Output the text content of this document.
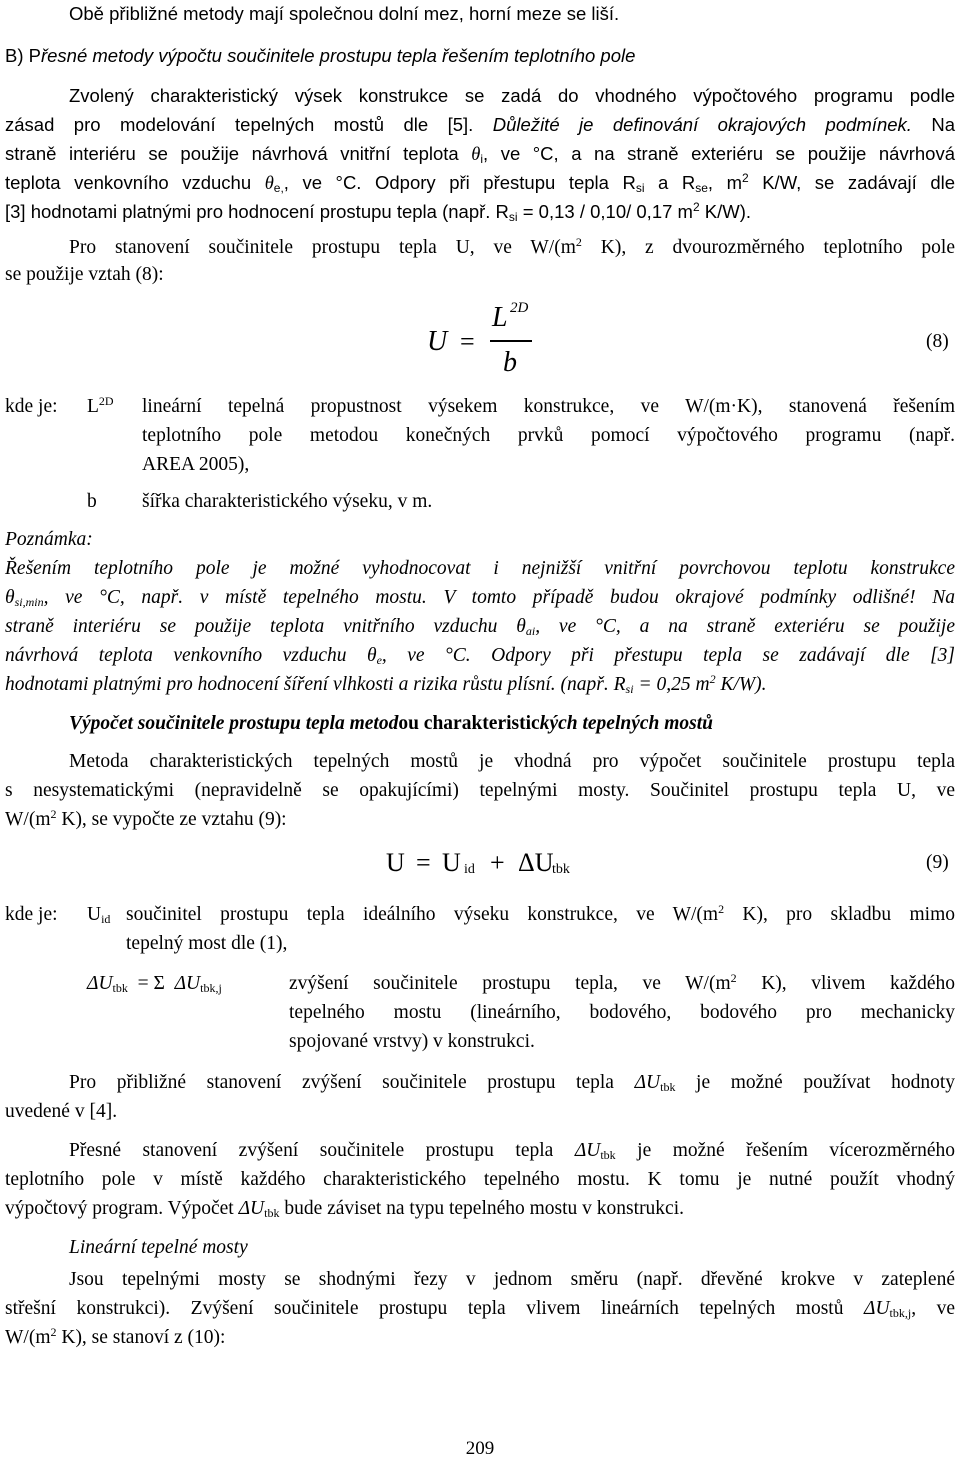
Obě přibližné metody mají společnou dolní mez, horní meze se liší.
B) Přesné metody výpočtu součinitele prostupu tepla řešením teplotního pole
Zvolený charakteristický výsek konstrukce se zadá do vhodného výpočtového programu podle
zásad pro modelování tepelných mostů dle [5]. Důležité je definování okrajových podmínek. Na
straně interiéru se použije návrhová vnitřní teplota $\theta_i$, ve °C, a na straně exteriéru se použije návrhová
teplota venkovního vzduchu $\theta_{e,}$, ve °C. Odpory při přestupu tepla $R_{si}$ a $R_{se}$, $m^2$ K/W, se zadávají dle
[3] hodnotami platnými pro hodnocení prostupu tepla (např. $R_{si} = 0,13 / 0,10/$ 0,17 $m^2$ K/W).
Pro stanovení součinitele prostupu tepla U, ve $W/(m^2$ K), z dvourozměrného teplotního pole
se použije vztah (8):
U =
L 2D
b
(8)
kde je: $L^{2D}$ lineární tepelná propustnost výsekem konstrukce, ve W/(m·K), stanovená řešením
teplotního pole metodou konečných prvků pomocí výpočtového programu (např.
AREA 2005),
b šířka charakteristického výseku, v m.
Poznámka:
Řešením teplotního pole je možné vyhodnocovat i nejnižší vnitřní povrchovou teplotu konstrukce
$\theta_{si,min}$, ve °C, např. v místě tepelného mostu. V tomto případě budou okrajové podmínky odlišné! Na
straně interiéru se použije teplota vnitřního vzduchu $\theta_{ai}$, ve °C, a na straně exteriéru se použije
návrhová teplota venkovního vzduchu $\theta_e$, ve °C. Odpory při přestupu tepla se zadávají dle [3]
hodnotami platnými pro hodnocení šíření vlhkosti a rizika růstu plísní. (např. $R_{si} = 0,25$ $m^2$ K/W).
Výpočet součinitele prostupu tepla metodou charakteristických tepelných mostů
Metoda charakteristických tepelných mostů je vhodná pro výpočet součinitele prostupu tepla
s nesystematickými (nepravidelně se opakujícími) tepelnými mosty. Součinitel prostupu tepla U, ve
$W/(m^2$ K), se vypočte ze vztahu (9):
U = U id + ΔU
tbk	(9)
kde je: $U_{id}$ součinitel prostupu tepla ideálního výseku konstrukce, ve $W/(m^2$ K), pro skladbu mimo
tepelný most dle (1),
$\Delta U_{tbk} = \Sigma$ $\Delta U_{tbk,j}$	zvýšení součinitele prostupu tepla, ve $W/(m^2$ K), vlivem každého
tepelného mostu (lineárního, bodového, bodového pro mechanicky
spojované vrstvy) v konstrukci.
Pro přibližné stanovení zvýšení součinitele prostupu tepla $\Delta U_{tbk}$ je možné používat hodnoty
uvedené v [4].
Přesné stanovení zvýšení součinitele prostupu tepla $\Delta U_{tbk}$ je možné řešením vícerozměrného
teplotního pole v místě každého charakteristického tepelného mostu. K tomu je nutné použít vhodný
výpočtový program. Výpočet $\Delta U_{tbk}$ bude záviset na typu tepelného mostu v konstrukci.
Lineární tepelné mosty
Jsou tepelnými mosty se shodnými řezy v jednom směru (např. dřevěné krokve v zateplené
střešní konstrukci). Zvýšení součinitele prostupu tepla vlivem lineárních tepelných mostů $\Delta U_{tbk,j}$, ve
$W/(m^2$ K), se stanoví z (10):
209
